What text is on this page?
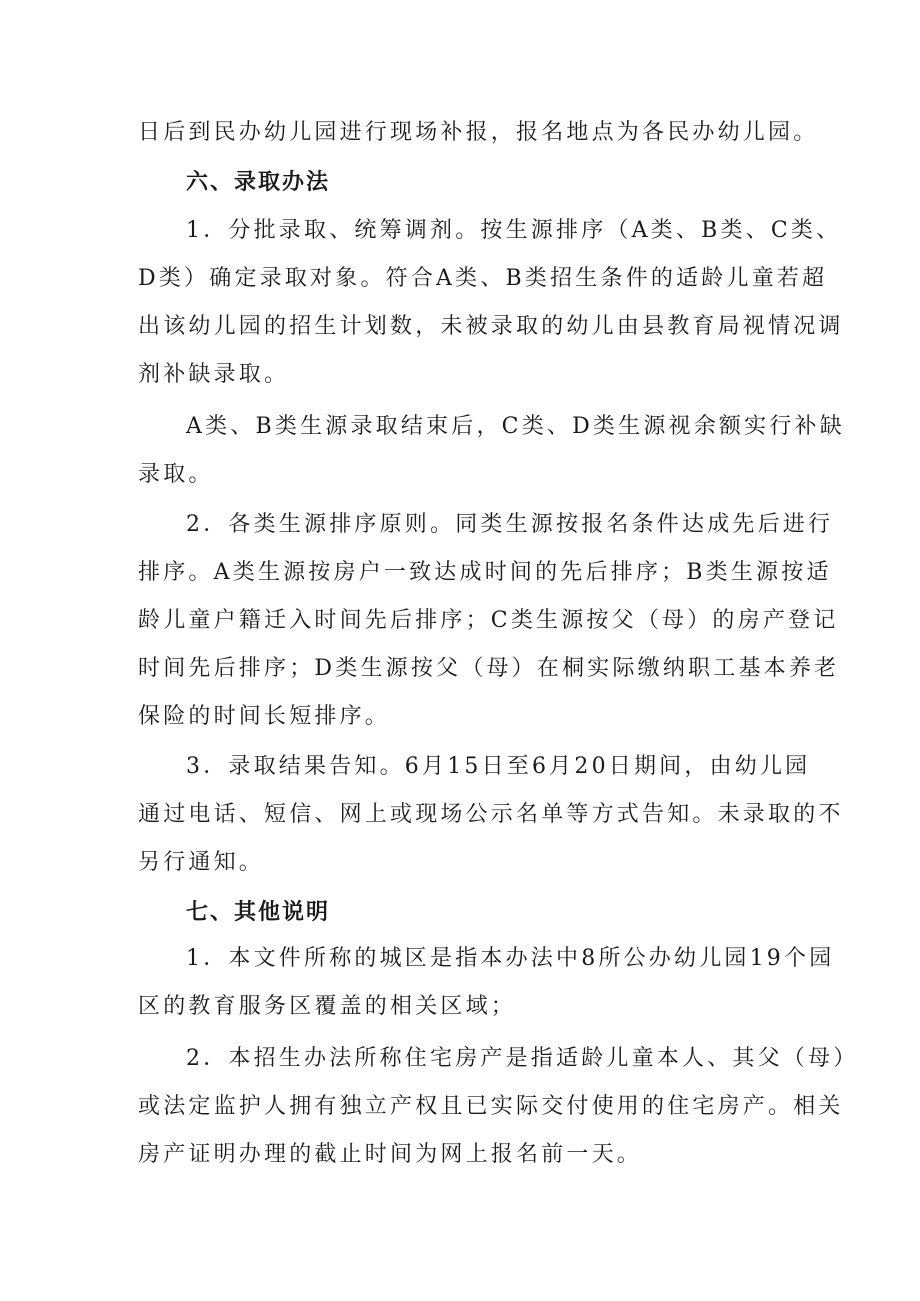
日后到民办幼儿园进行现场补报，报名地点为各民办幼儿园。
六、录取办法
1．分批录取、统筹调剂。按生源排序（A类、B类、C类、
D类）确定录取对象。符合A类、B类招生条件的适龄儿童若超
出该幼儿园的招生计划数，未被录取的幼儿由县教育局视情况调
剂补缺录取。
A类、B类生源录取结束后，C类、D类生源视余额实行补缺
录取。
2．各类生源排序原则。同类生源按报名条件达成先后进行
排序。A类生源按房户一致达成时间的先后排序；B类生源按适
龄儿童户籍迁入时间先后排序；C类生源按父（母）的房产登记
时间先后排序；D类生源按父（母）在桐实际缴纳职工基本养老
保险的时间长短排序。
3．录取结果告知。6月15日至6月20日期间，由幼儿园
通过电话、短信、网上或现场公示名单等方式告知。未录取的不
另行通知。
七、其他说明
1．本文件所称的城区是指本办法中8所公办幼儿园19个园
区的教育服务区覆盖的相关区域；
2．本招生办法所称住宅房产是指适龄儿童本人、其父（母）
或法定监护人拥有独立产权且已实际交付使用的住宅房产。相关
房产证明办理的截止时间为网上报名前一天。
